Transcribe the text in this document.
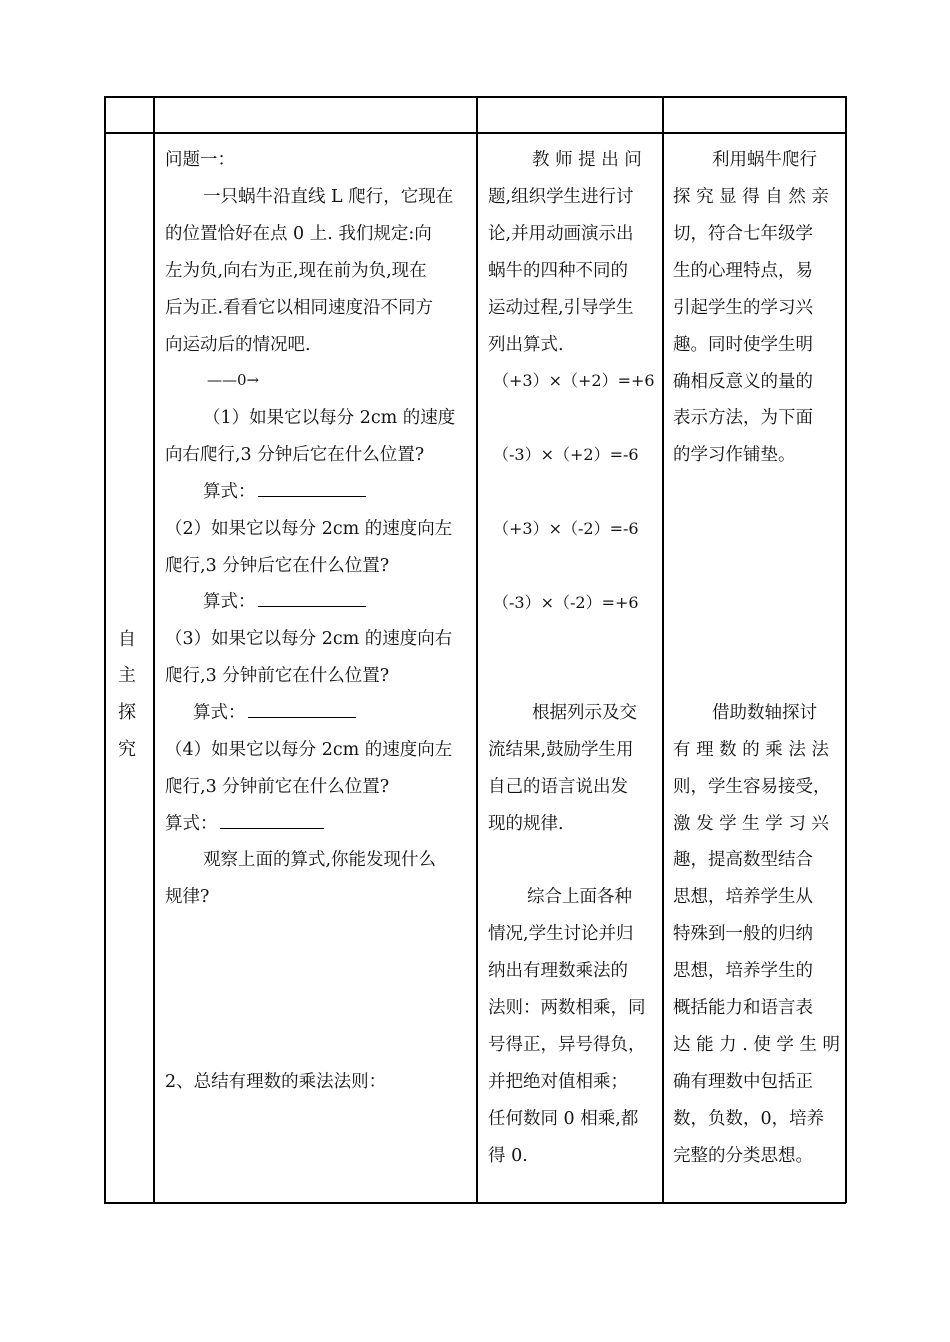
自
主
探
究
问题一：
一只蜗牛沿直线 L 爬行，它现在
的位置恰好在点 0 上. 我们规定:向
左为负,向右为正,现在前为负,现在
后为正.看看它以相同速度沿不同方
向运动后的情况吧.
——0→
（1）如果它以每分 2cm 的速度
向右爬行,3 分钟后它在什么位置?
算式：
（2）如果它以每分 2cm 的速度向左
爬行,3 分钟后它在什么位置?
算式：
（3）如果它以每分 2cm 的速度向右
爬行,3 分钟前它在什么位置?
算式：
（4）如果它以每分 2cm 的速度向左
爬行,3 分钟前它在什么位置?
算式：
观察上面的算式,你能发现什么
规律?
2、总结有理数的乘法法则：
教 师 提 出 问
题,组织学生进行讨
论,并用动画演示出
蜗牛的四种不同的
运动过程,引导学生
列出算式.
（+3）×（+2）=+6
（-3）×（+2）=-6
（+3）×（-2）=-6
（-3）×（-2）=+6
根据列示及交
流结果,鼓励学生用
自己的语言说出发
现的规律.
综合上面各种
情况,学生讨论并归
纳出有理数乘法的
法则：两数相乘，同
号得正，异号得负，
并把绝对值相乘；
任何数同 0 相乘,都
得 0.
利用蜗牛爬行
探 究 显 得 自 然 亲
切，符合七年级学
生的心理特点，易
引起学生的学习兴
趣。同时使学生明
确相反意义的量的
表示方法，为下面
的学习作铺垫。
借助数轴探讨
有 理 数 的 乘 法 法
则，学生容易接受，
激 发 学 生 学 习 兴
趣，提高数型结合
思想，培养学生从
特殊到一般的归纳
思想，培养学生的
概括能力和语言表
达 能 力 . 使 学 生 明
确有理数中包括正
数，负数，0，培养
完整的分类思想。
